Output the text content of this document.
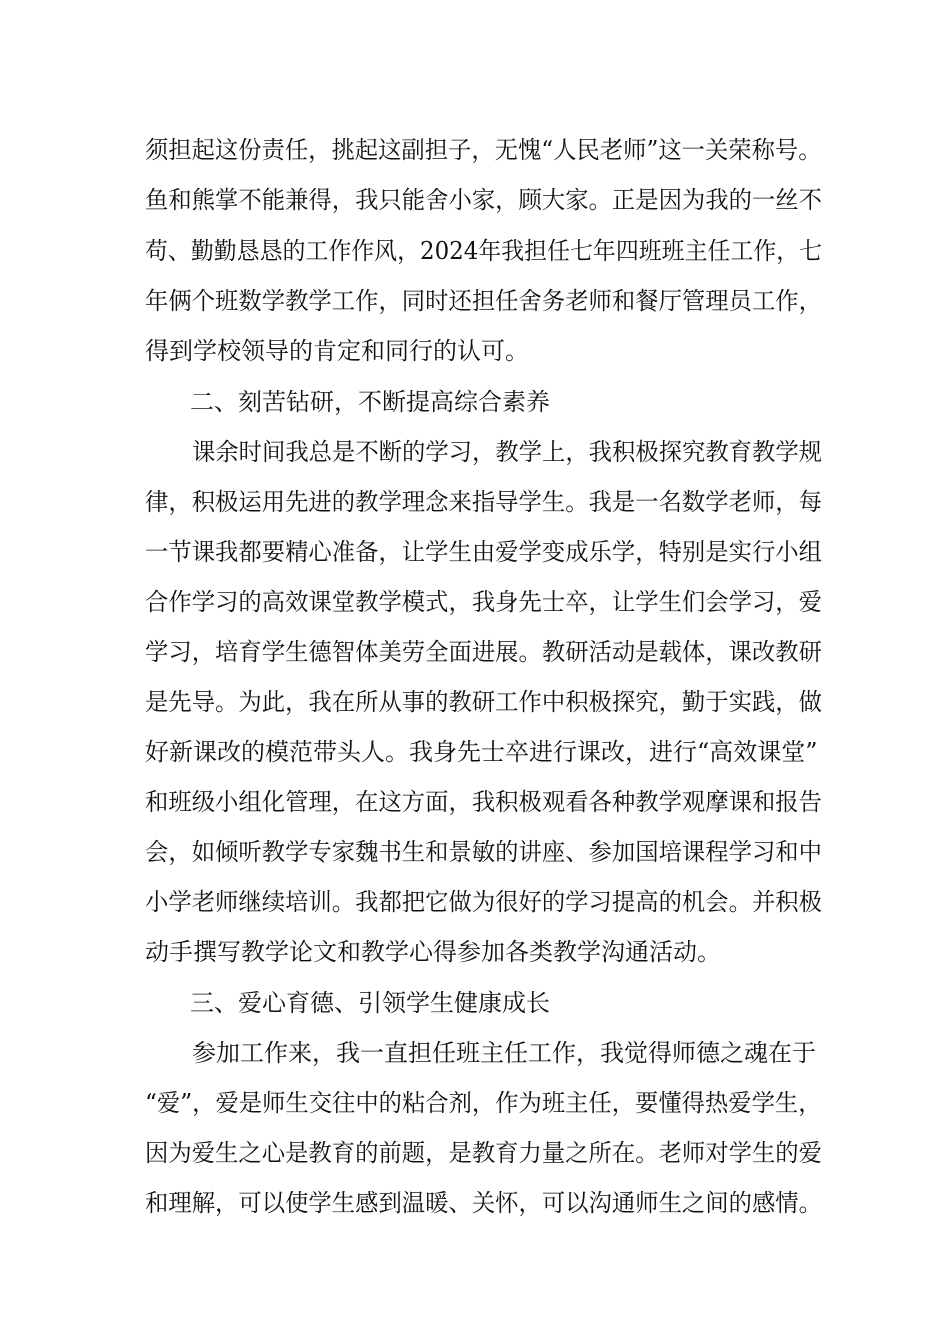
须担起这份责任，挑起这副担子，无愧“人民老师”这一关荣称号。
鱼和熊掌不能兼得，我只能舍小家，顾大家。正是因为我的一丝不
苟、勤勤恳恳的工作作风，2024年我担任七年四班班主任工作，七
年俩个班数学教学工作，同时还担任舍务老师和餐厅管理员工作，
得到学校领导的肯定和同行的认可。
二、刻苦钻研，不断提高综合素养
课余时间我总是不断的学习，教学上，我积极探究教育教学规
律，积极运用先进的教学理念来指导学生。我是一名数学老师，每
一节课我都要精心准备，让学生由爱学变成乐学，特别是实行小组
合作学习的高效课堂教学模式，我身先士卒，让学生们会学习，爱
学习，培育学生德智体美劳全面进展。教研活动是载体，课改教研
是先导。为此，我在所从事的教研工作中积极探究，勤于实践，做
好新课改的模范带头人。我身先士卒进行课改，进行“高效课堂”
和班级小组化管理，在这方面，我积极观看各种教学观摩课和报告
会，如倾听教学专家魏书生和景敏的讲座、参加国培课程学习和中
小学老师继续培训。我都把它做为很好的学习提高的机会。并积极
动手撰写教学论文和教学心得参加各类教学沟通活动。
三、爱心育德、引领学生健康成长
参加工作来，我一直担任班主任工作，我觉得师德之魂在于
“爱”，爱是师生交往中的粘合剂，作为班主任，要懂得热爱学生，
因为爱生之心是教育的前题，是教育力量之所在。老师对学生的爱
和理解，可以使学生感到温暖、关怀，可以沟通师生之间的感情。
